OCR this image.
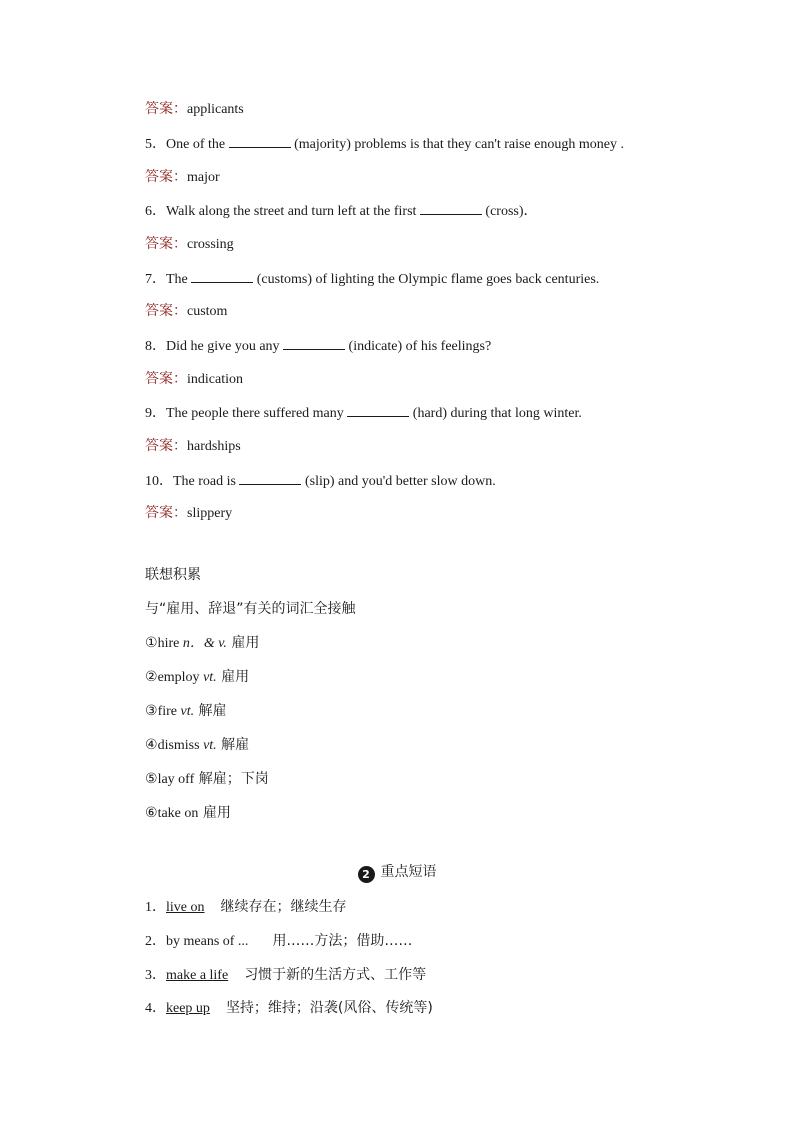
答案：applicants
5．One of the	(majority) problems is that they can't raise enough money .
答案：major
6．Walk along the street and turn left at the first	(cross)．
答案：crossing
7．The	(customs) of lighting the Olympic flame goes back centuries.
答案：custom
8．Did he give you any	(indicate) of his feelings?
答案：indication
9．The people there suffered many	(hard) during that long winter.
答案：hardships
10．The road is	(slip) and you'd better slow down.
答案：slippery
联想积累
与“雇用、辞退”有关的词汇全接触
①hire n．& v. 雇用
②employ vt. 雇用
③fire vt. 解雇
④dismiss vt. 解雇
⑤lay off 解雇；下岗
⑥take on 雇用
2 重点短语
1．live on 继续存在；继续生存
2．by means of ... 用……方法；借助……
3．make a life 习惯于新的生活方式、工作等
4．keep up 坚持；维持；沿袭(风俗、传统等)
